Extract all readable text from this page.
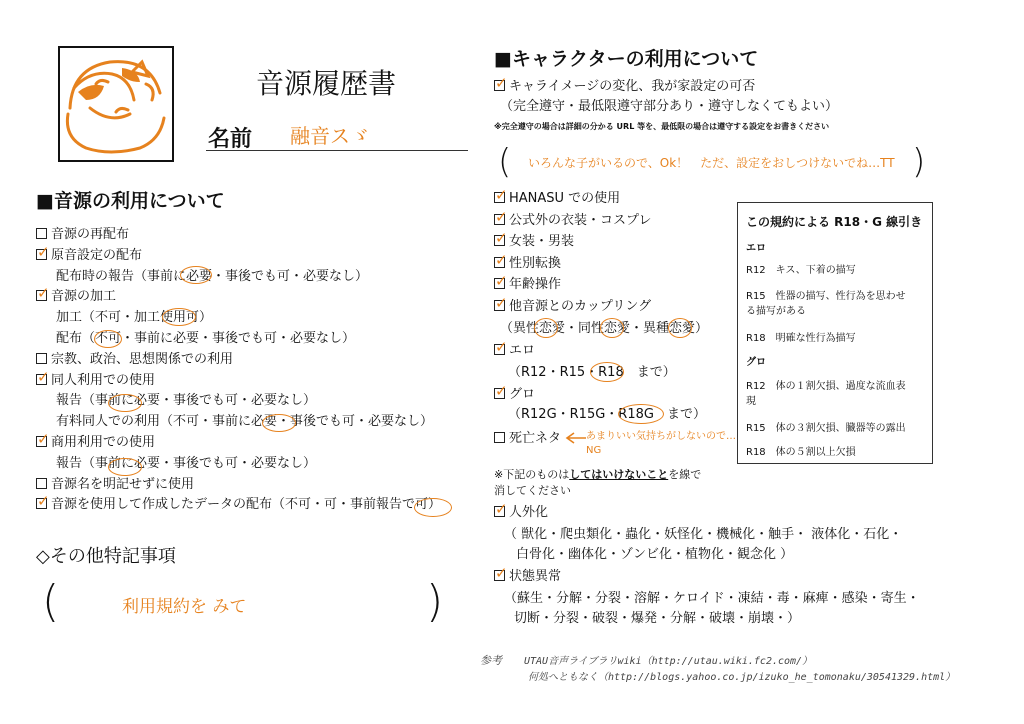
音源履歴書
名前 融音スゞ
■音源の利用について
音源の再配布
✓原音設定の配布
配布時の報告（事前に必要・事後でも可・必要なし）
✓音源の加工
加工（不可・加工使用可）
配布（不可・事前に必要・事後でも可・必要なし）
宗教、政治、思想関係での利用
✓同人利用での使用
報告（事前に必要・事後でも可・必要なし）
有料同人での利用（不可・事前に必要・事後でも可・必要なし）
✓商用利用での使用
報告（事前に必要・事後でも可・必要なし）
音源名を明記せずに使用
✓音源を使用して作成したデータの配布（不可・可・事前報告で可）
◇その他特記事項
(	)
利用規約を みて
■キャラクターの利用について
✓キャライメージの変化、我が家設定の可否
（完全遵守・最低限遵守部分あり・遵守しなくてもよい）
※完全遵守の場合は詳細の分かる URL 等を、最低限の場合は遵守する設定をお書きください
(	)
いろんな子がいるので、Ok！　ただ、設定をおしつけないでね…TT
✓HANASU での使用
✓公式外の衣装・コスプレ
✓女装・男装
✓性別転換
✓年齢操作
✓他音源とのカップリング
（異性恋愛・同性恋愛・異種恋愛）
✓エロ
（R12・R15・R18　まで）
✓グロ
（R12G・R15G・R18G　まで）
死亡ネタ あまりいい気持ちがしないので…NG
※下記のものはしてはいけないことを線で
消してください
✓人外化
（ 獣化・爬虫類化・蟲化・妖怪化・機械化・触手・ 液体化・石化・
白骨化・幽体化・ゾンビ化・植物化・観念化 ）
✓状態異常
（蘇生・分解・分裂・溶解・ケロイド・凍結・毒・麻痺・感染・寄生・
切断・分裂・破裂・爆発・分解・破壊・崩壊・）
この規約による R18・G 線引き
エロ
R12　キス、下着の描写
R15　性器の描写、性行為を思わせ
る描写がある
R18　明確な性行為描写
グロ
R12　体の１割欠損、過度な流血表
現
R15　体の３割欠損、臓器等の露出
R18　体の５割以上欠損
参考 UTAU音声ライブラリwiki（http://utau.wiki.fc2.com/）
何処へともなく（http://blogs.yahoo.co.jp/izuko_he_tomonaku/30541329.html）
